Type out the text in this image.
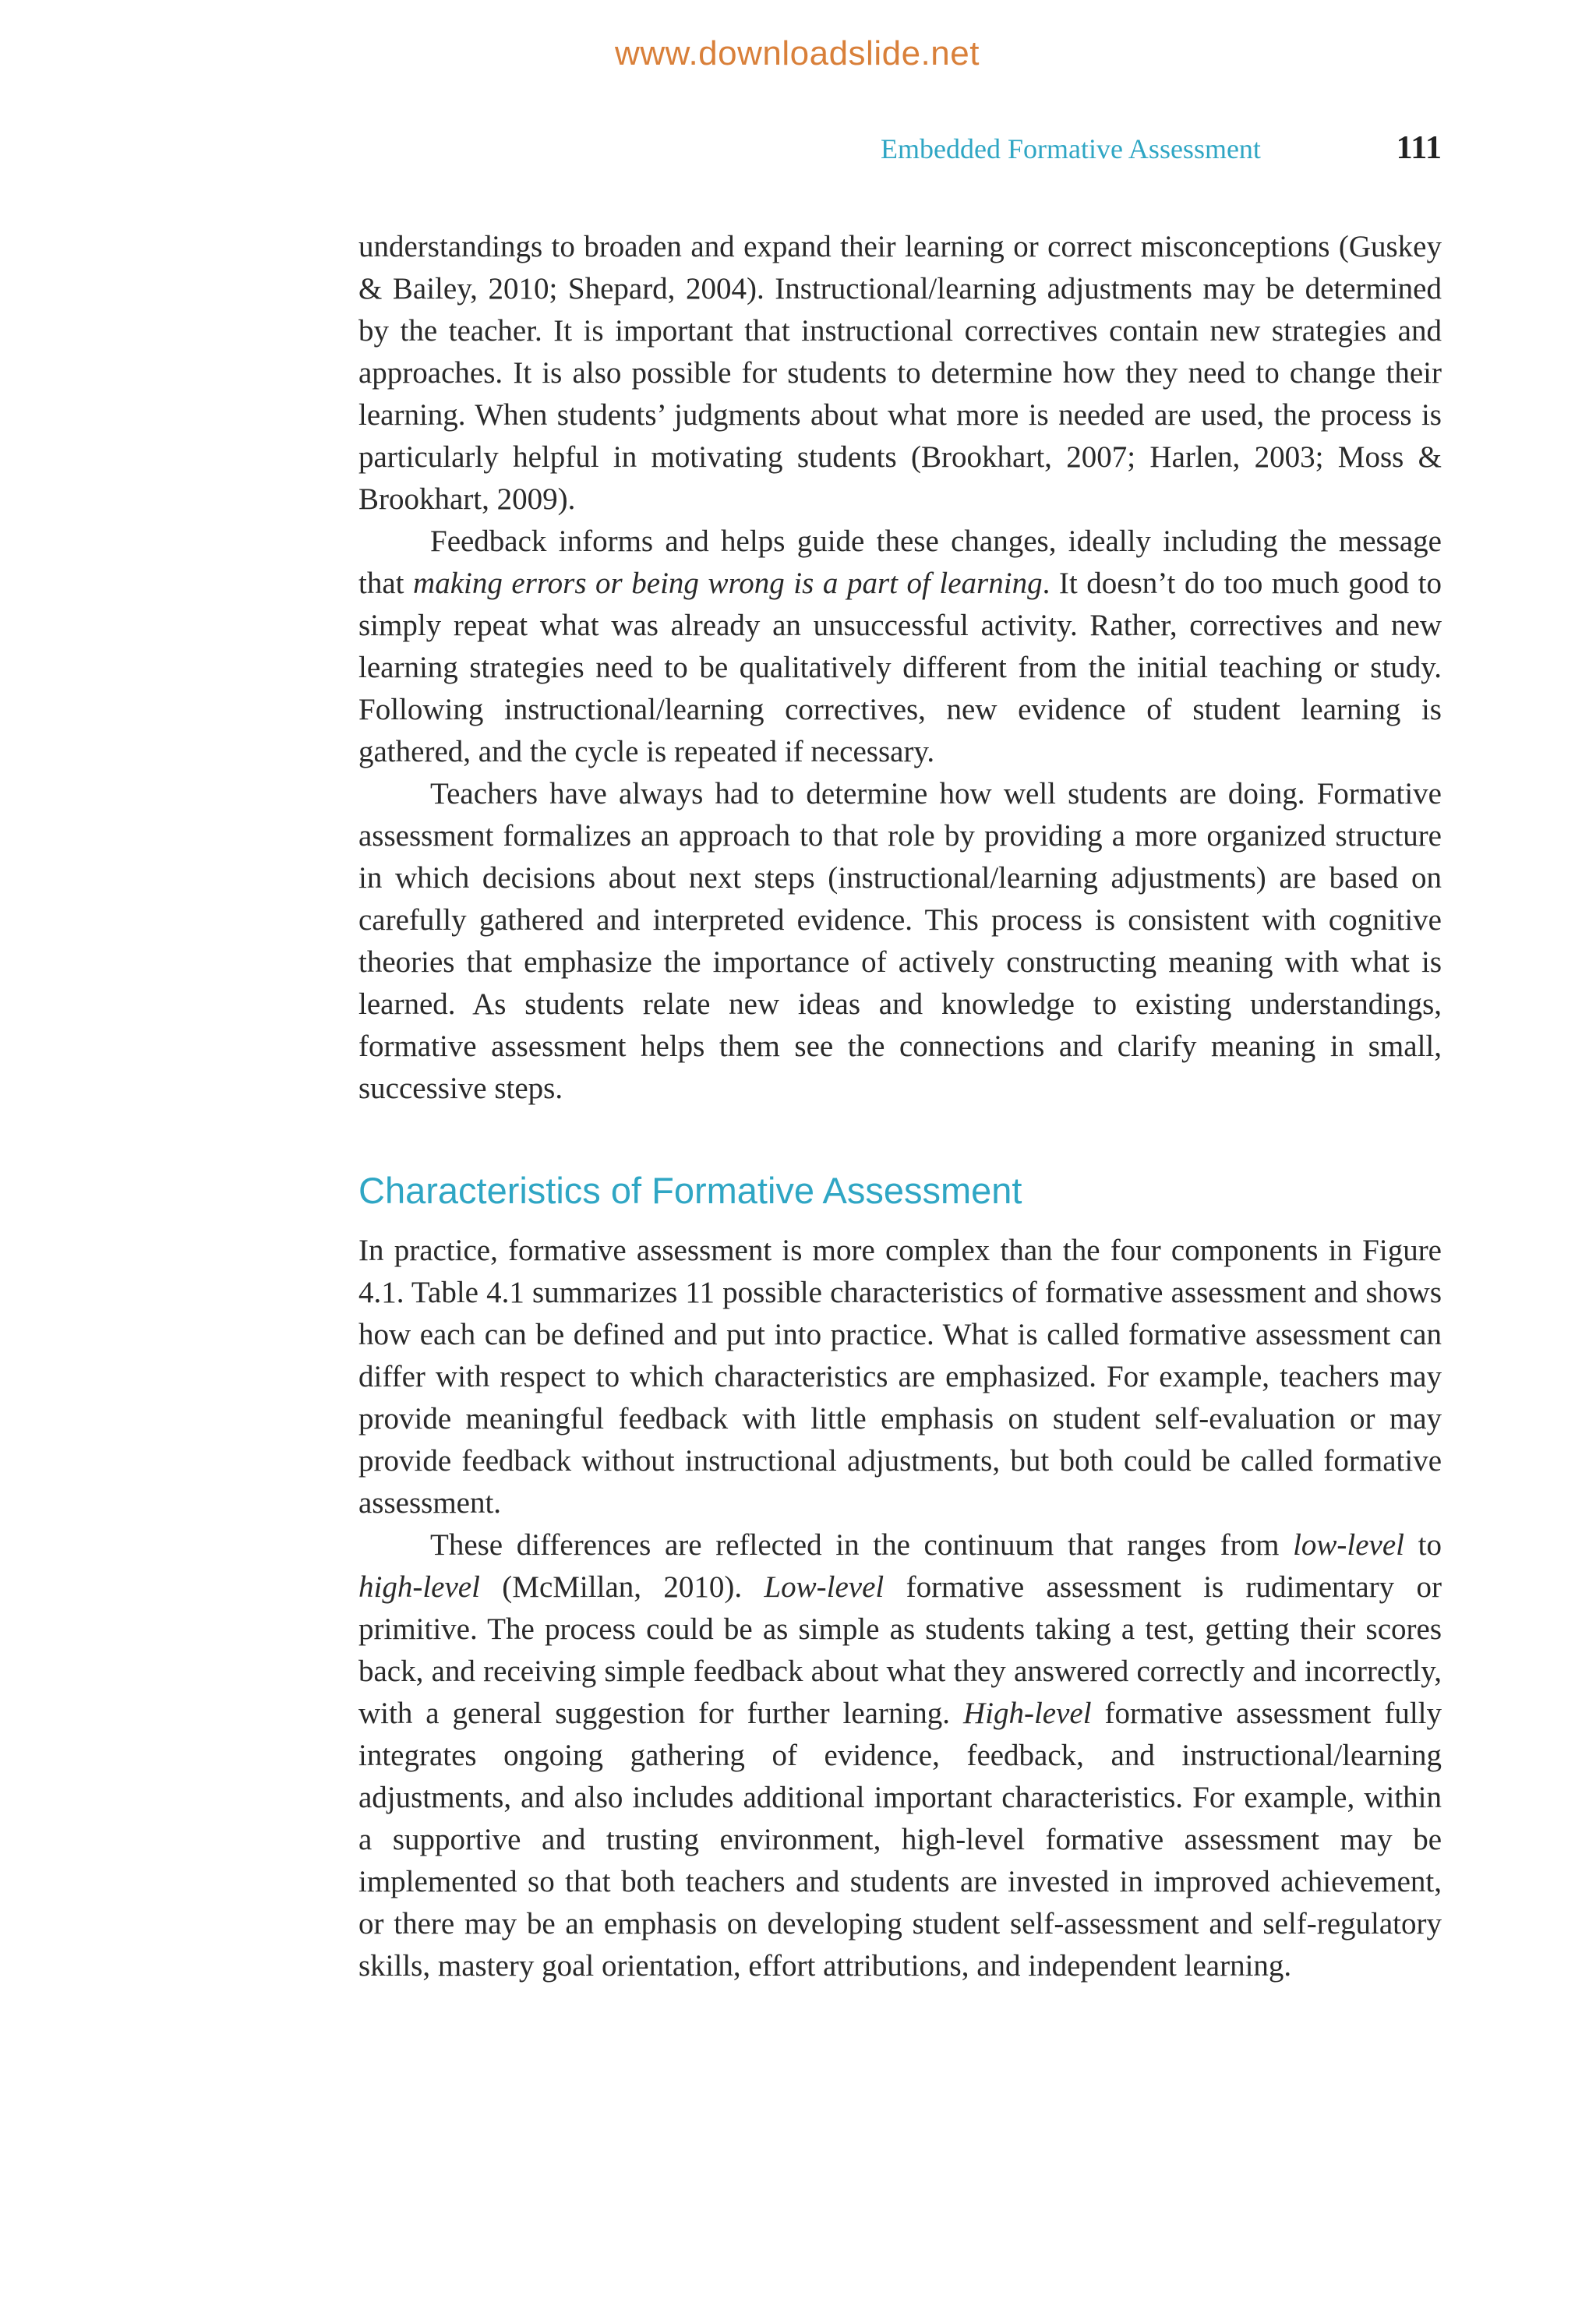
www.downloadslide.net
Embedded Formative Assessment	111

understandings to broaden and expand their learning or correct misconceptions (Guskey & Bailey, 2010; Shepard, 2004). Instructional/learning adjustments may be determined by the teacher. It is important that instructional correctives contain new strategies and approaches. It is also possible for students to determine how they need to change their learning. When students’ judgments about what more is needed are used, the process is particularly helpful in motivating students (Brookhart, 2007; Harlen, 2003; Moss & Brookhart, 2009).

Feedback informs and helps guide these changes, ideally including the message that making errors or being wrong is a part of learning. It doesn’t do too much good to simply repeat what was already an unsuccessful activity. Rather, correctives and new learning strategies need to be qualitatively different from the initial teaching or study. Following instructional/learning correctives, new evidence of student learning is gathered, and the cycle is repeated if necessary.

Teachers have always had to determine how well students are doing. Formative assessment formalizes an approach to that role by providing a more organized structure in which decisions about next steps (instructional/learning adjustments) are based on carefully gathered and interpreted evidence. This process is consistent with cognitive theories that emphasize the importance of actively constructing meaning with what is learned. As students relate new ideas and knowledge to existing understandings, formative assessment helps them see the connections and clarify meaning in small, successive steps.

Characteristics of Formative Assessment

In practice, formative assessment is more complex than the four components in Figure 4.1. Table 4.1 summarizes 11 possible characteristics of formative assessment and shows how each can be defined and put into practice. What is called formative assessment can differ with respect to which characteristics are emphasized. For example, teachers may provide meaningful feedback with little emphasis on student self-evaluation or may provide feedback without instructional adjustments, but both could be called formative assessment.

These differences are reflected in the continuum that ranges from low-level to high-level (McMillan, 2010). Low-level formative assessment is rudimentary or primitive. The process could be as simple as students taking a test, getting their scores back, and receiving simple feedback about what they answered correctly and incorrectly, with a general suggestion for further learning. High-level formative assessment fully integrates ongoing gathering of evidence, feedback, and instructional/learning adjustments, and also includes additional important characteristics. For example, within a supportive and trusting environment, high-level formative assessment may be implemented so that both teachers and students are invested in improved achievement, or there may be an emphasis on developing student self-assessment and self-regulatory skills, mastery goal orientation, effort attributions, and independent learning.
